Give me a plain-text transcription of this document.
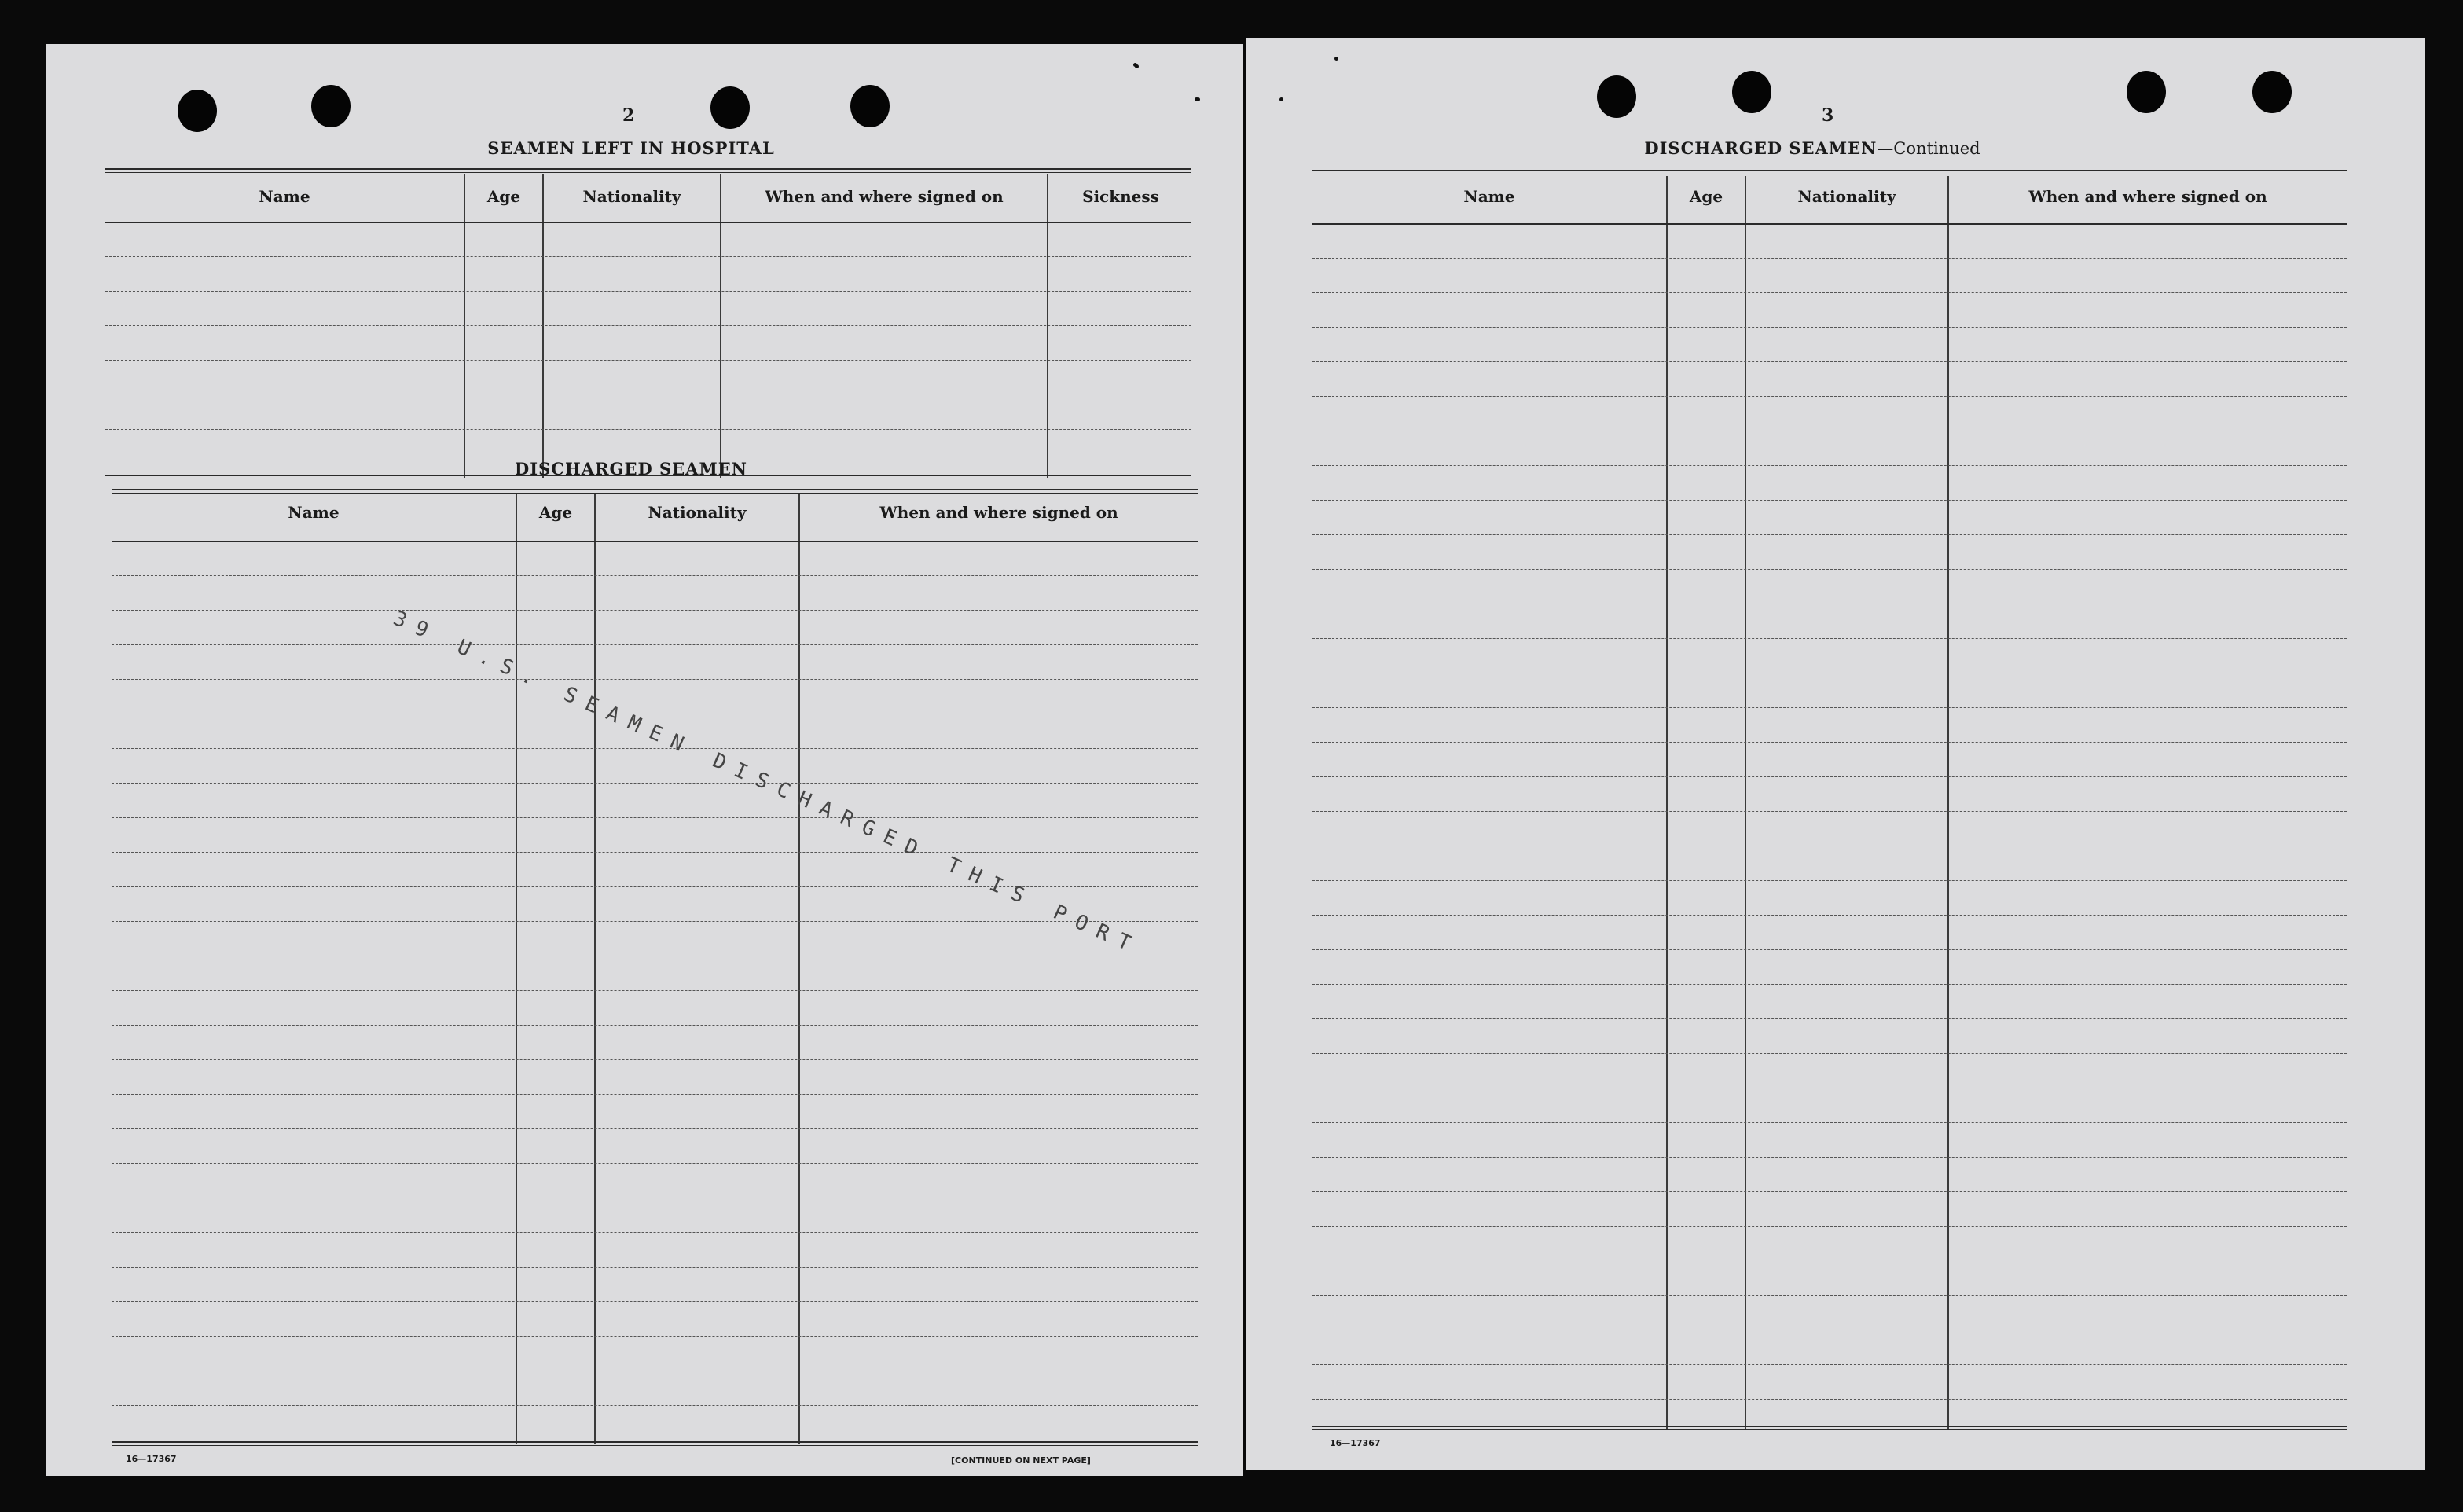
2
SEAMEN LEFT IN HOSPITAL
Name	Age	Nationality	When and where signed on	Sickness
DISCHARGED SEAMEN
Name	Age	Nationality	When and where signed on
39 U.S. SEAMEN DISCHARGED THIS PORT
16—17367	[CONTINUED ON NEXT PAGE]
3
DISCHARGED SEAMEN—Continued
Name	Age	Nationality	When and where signed on
16—17367
